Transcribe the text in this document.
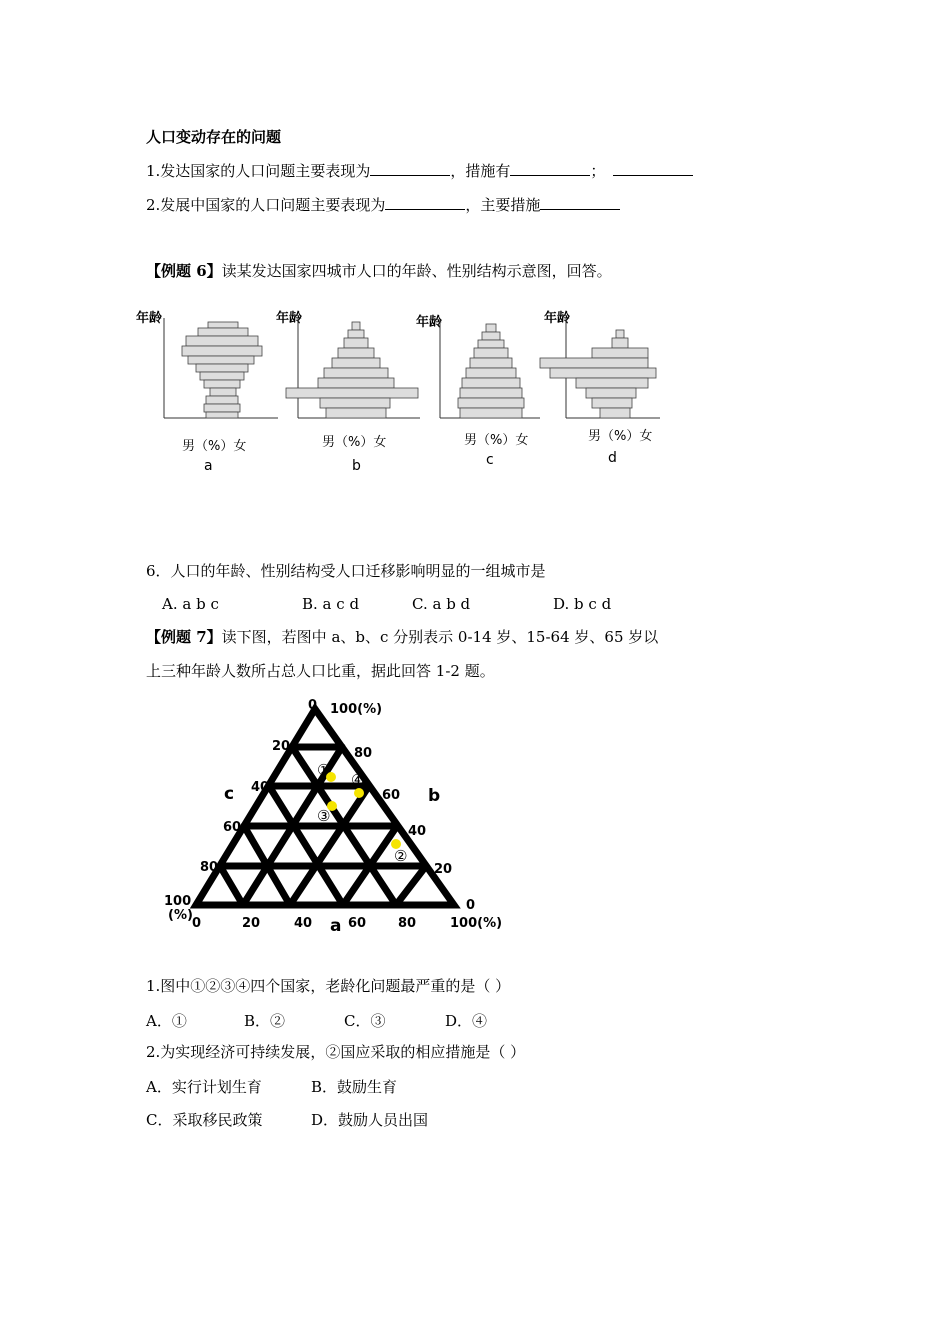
人口变动存在的问题
1.发达国家的人口问题主要表现为	，措施有	；
2.发展中国家的人口问题主要表现为	，主要措施
【例题 6】读某发达国家四城市人口的年龄、性别结构示意图，回答。
年龄
男（%）女
a
年龄
男（%）女
b
年龄
男（%）女
c
年龄
男（%）女
d
6．人口的年龄、性别结构受人口迁移影响明显的一组城市是
A. a b c	B. a c d	C. a b d	D. b c d
【例题 7】读下图，若图中 a、b、c 分别表示 0-14 岁、15-64 岁、65 岁以
上三种年龄人数所占总人口比重，据此回答 1-2 题。
0 100(%)
20
40
60
80
80
60
40
20
100
(%)
0	20	40	60 80
0
100(%)
c	b
a
①
④
③
②
1.图中①②③④四个国家，老龄化问题最严重的是（ ）
A．①	B．②	C．③	D．④
2.为实现经济可持续发展，②国应采取的相应措施是（ ）
A．实行计划生育	B．鼓励生育
C．采取移民政策	D．鼓励人员出国
